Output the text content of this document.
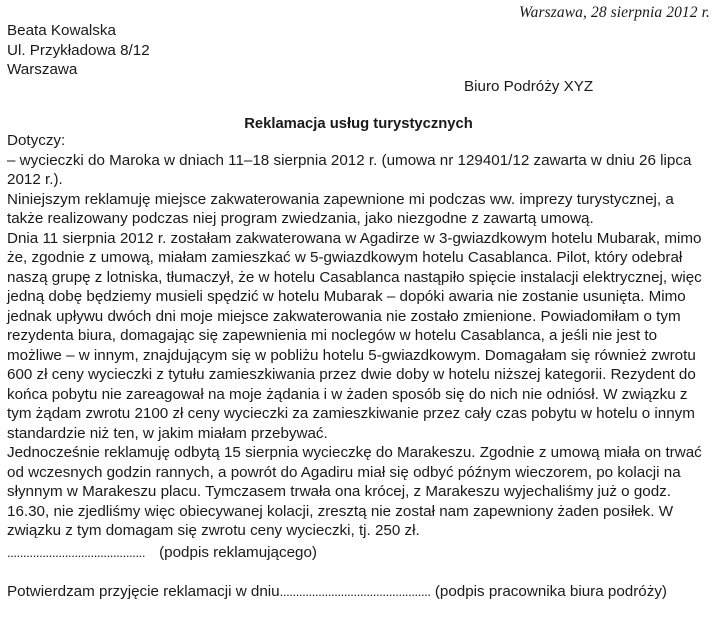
Warszawa, 28 sierpnia 2012 r.
Beata Kowalska
Ul. Przykładowa 8/12
Warszawa
Biuro Podróży XYZ
Reklamacja usług turystycznych
Dotyczy:
– wycieczki do Maroka w dniach 11–18 sierpnia 2012 r. (umowa nr 129401/12 zawarta w dniu 26 lipca
2012 r.).
Niniejszym reklamuję miejsce zakwaterowania zapewnione mi podczas ww. imprezy turystycznej, a
także realizowany podczas niej program zwiedzania, jako niezgodne z zawartą umową.
Dnia 11 sierpnia 2012 r. zostałam zakwaterowana w Agadirze w 3-gwiazdkowym hotelu Mubarak, mimo
że, zgodnie z umową, miałam zamieszkać w 5-gwiazdkowym hotelu Casablanca. Pilot, który odebrał
naszą grupę z lotniska, tłumaczył, że w hotelu Casablanca nastąpiło spięcie instalacji elektrycznej, więc
jedną dobę będziemy musieli spędzić w hotelu Mubarak – dopóki awaria nie zostanie usunięta. Mimo
jednak upływu dwóch dni moje miejsce zakwaterowania nie zostało zmienione. Powiadomiłam o tym
rezydenta biura, domagając się zapewnienia mi noclegów w hotelu Casablanca, a jeśli nie jest to
możliwe – w innym, znajdującym się w pobliżu hotelu 5-gwiazdkowym. Domagałam się również zwrotu
600 zł ceny wycieczki z tytułu zamieszkiwania przez dwie doby w hotelu niższej kategorii. Rezydent do
końca pobytu nie zareagował na moje żądania i w żaden sposób się do nich nie odniósł. W związku z
tym żądam zwrotu 2100 zł ceny wycieczki za zamieszkiwanie przez cały czas pobytu w hotelu o innym
standardzie niż ten, w jakim miałam przebywać.
Jednocześnie reklamuję odbytą 15 sierpnia wycieczkę do Marakeszu. Zgodnie z umową miała on trwać
od wczesnych godzin rannych, a powrót do Agadiru miał się odbyć późnym wieczorem, po kolacji na
słynnym w Marakeszu placu. Tymczasem trwała ona krócej, z Marakeszu wyjechaliśmy już o godz.
16.30, nie zjedliśmy więc obiecywanej kolacji, zresztą nie został nam zapewniony żaden posiłek. W
związku z tym domagam się zwrotu ceny wycieczki, tj. 250 zł.
........................................... (podpis reklamującego)
Potwierdzam przyjęcie reklamacji w dniu............................................... (podpis pracownika biura podróży)
